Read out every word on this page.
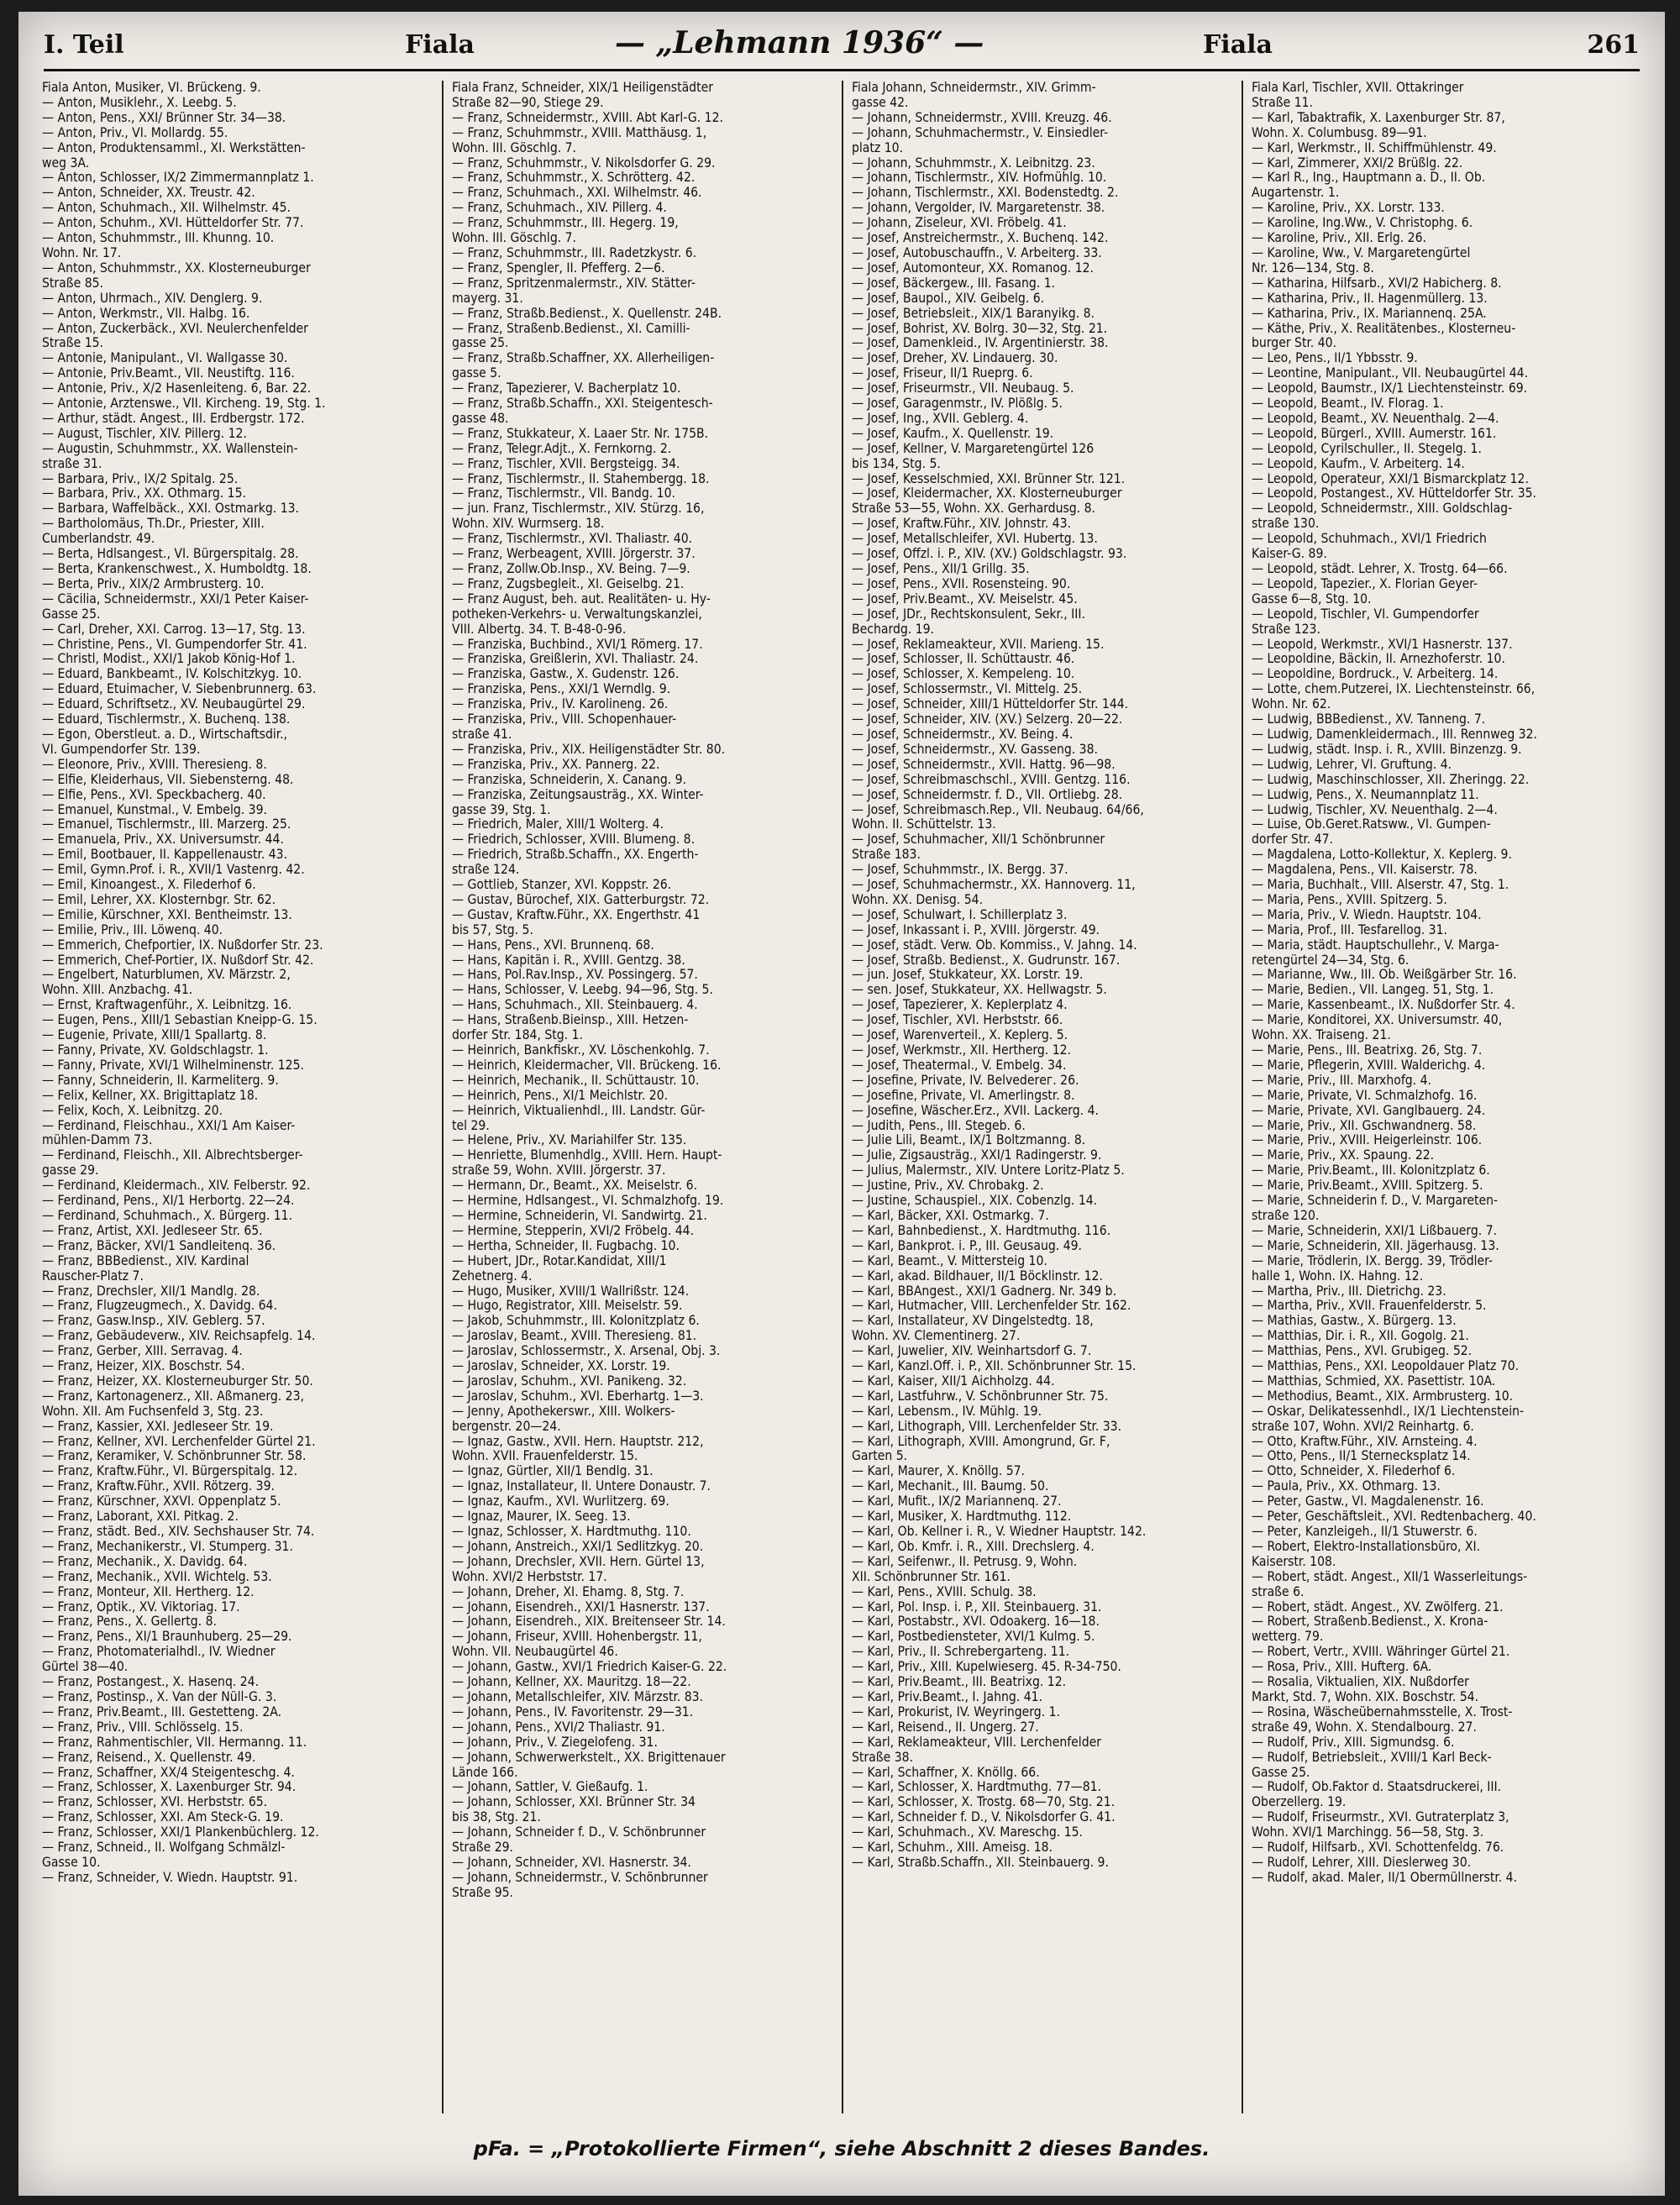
I. Teil	Fiala	— „Lehmann 1936“ —	Fiala	261
Fiala Anton, Musiker, VI. Brückeng. 9.
— Anton, Musiklehr., X. Leebg. 5.
— Anton, Pens., XXI/ Brünner Str. 34—38.
— Anton, Priv., VI. Mollardg. 55.
— Anton, Produktensamml., XI. Werkstätten-
weg 3A.
— Anton, Schlosser, IX/2 Zimmermannplatz 1.
— Anton, Schneider, XX. Treustr. 42.
— Anton, Schuhmach., XII. Wilhelmstr. 45.
— Anton, Schuhm., XVI. Hütteldorfer Str. 77.
— Anton, Schuhmmstr., III. Khunng. 10.
Wohn. Nr. 17.
— Anton, Schuhmmstr., XX. Klosterneuburger
Straße 85.
— Anton, Uhrmach., XIV. Denglerg. 9.
— Anton, Werkmstr., VII. Halbg. 16.
— Anton, Zuckerbäck., XVI. Neulerchenfelder
Straße 15.
— Antonie, Manipulant., VI. Wallgasse 30.
— Antonie, Priv.Beamt., VII. Neustiftg. 116.
— Antonie, Priv., X/2 Hasenleiteng. 6, Bar. 22.
— Antonie, Arztenswe., VII. Kircheng. 19, Stg. 1.
— Arthur, städt. Angest., III. Erdbergstr. 172.
— August, Tischler, XIV. Pillerg. 12.
— Augustin, Schuhmmstr., XX. Wallenstein-
straße 31.
— Barbara, Priv., IX/2 Spitalg. 25.
— Barbara, Priv., XX. Othmarg. 15.
— Barbara, Waffelbäck., XXI. Ostmarkg. 13.
— Bartholomäus, Th.Dr., Priester, XIII.
Cumberlandstr. 49.
— Berta, Hdlsangest., VI. Bürgerspitalg. 28.
— Berta, Krankenschwest., X. Humboldtg. 18.
— Berta, Priv., XIX/2 Armbrusterg. 10.
— Cäcilia, Schneidermstr., XXI/1 Peter Kaiser-
Gasse 25.
— Carl, Dreher, XXI. Carrog. 13—17, Stg. 13.
— Christine, Pens., VI. Gumpendorfer Str. 41.
— Christl, Modist., XXI/1 Jakob König-Hof 1.
— Eduard, Bankbeamt., IV. Kolschitzkyg. 10.
— Eduard, Etuimacher, V. Siebenbrunnerg. 63.
— Eduard, Schriftsetz., XV. Neubaugürtel 29.
— Eduard, Tischlermstr., X. Buchenq. 138.
— Egon, Oberstleut. a. D., Wirtschaftsdir.,
VI. Gumpendorfer Str. 139.
— Eleonore, Priv., XVIII. Theresieng. 8.
— Elfie, Kleiderhaus, VII. Siebensterng. 48.
— Elfie, Pens., XVI. Speckbacherg. 40.
— Emanuel, Kunstmal., V. Embelg. 39.
— Emanuel, Tischlermstr., III. Marzerg. 25.
— Emanuela, Priv., XX. Universumstr. 44.
— Emil, Bootbauer, II. Kappellenaustr. 43.
— Emil, Gymn.Prof. i. R., XVII/1 Vastenrg. 42.
— Emil, Kinoangest., X. Filederhof 6.
— Emil, Lehrer, XX. Klosternbgr. Str. 62.
— Emilie, Kürschner, XXI. Bentheimstr. 13.
— Emilie, Priv., III. Löwenq. 40.
— Emmerich, Chefportier, IX. Nußdorfer Str. 23.
— Emmerich, Chef-Portier, IX. Nußdorf Str. 42.
— Engelbert, Naturblumen, XV. Märzstr. 2,
Wohn. XIII. Anzbachg. 41.
— Ernst, Kraftwagenführ., X. Leibnitzg. 16.
— Eugen, Pens., XIII/1 Sebastian Kneipp-G. 15.
— Eugenie, Private, XIII/1 Spallartg. 8.
— Fanny, Private, XV. Goldschlagstr. 1.
— Fanny, Private, XVI/1 Wilhelminenstr. 125.
— Fanny, Schneiderin, II. Karmeliterg. 9.
— Felix, Kellner, XX. Brigittaplatz 18.
— Felix, Koch, X. Leibnitzg. 20.
— Ferdinand, Fleischhau., XXI/1 Am Kaiser-
mühlen-Damm 73.
— Ferdinand, Fleischh., XII. Albrechtsberger-
gasse 29.
— Ferdinand, Kleidermach., XIV. Felberstr. 92.
— Ferdinand, Pens., XI/1 Herbortg. 22—24.
— Ferdinand, Schuhmach., X. Bürgerg. 11.
— Franz, Artist, XXI. Jedleseer Str. 65.
— Franz, Bäcker, XVI/1 Sandleitenq. 36.
— Franz, BBBedienst., XIV. Kardinal
Rauscher-Platz 7.
— Franz, Drechsler, XII/1 Mandlg. 28.
— Franz, Flugzeugmech., X. Davidg. 64.
— Franz, Gasw.Insp., XIV. Geblerg. 57.
— Franz, Gebäudeverw., XIV. Reichsapfelg. 14.
— Franz, Gerber, XIII. Serravag. 4.
— Franz, Heizer, XIX. Boschstr. 54.
— Franz, Heizer, XX. Klosterneuburger Str. 50.
— Franz, Kartonagenerz., XII. Aßmanerg. 23,
Wohn. XII. Am Fuchsenfeld 3, Stg. 23.
— Franz, Kassier, XXI. Jedleseer Str. 19.
— Franz, Kellner, XVI. Lerchenfelder Gürtel 21.
— Franz, Keramiker, V. Schönbrunner Str. 58.
— Franz, Kraftw.Führ., VI. Bürgerspitalg. 12.
— Franz, Kraftw.Führ., XVII. Rötzerg. 39.
— Franz, Kürschner, XXVI. Oppenplatz 5.
— Franz, Laborant, XXI. Pitkag. 2.
— Franz, städt. Bed., XIV. Sechshauser Str. 74.
— Franz, Mechanikerstr., VI. Stumperg. 31.
— Franz, Mechanik., X. Davidg. 64.
— Franz, Mechanik., XVII. Wichtelg. 53.
— Franz, Monteur, XII. Hertherg. 12.
— Franz, Optik., XV. Viktoriag. 17.
— Franz, Pens., X. Gellertg. 8.
— Franz, Pens., XI/1 Braunhuberg. 25—29.
— Franz, Photomaterialhdl., IV. Wiedner
Gürtel 38—40.
— Franz, Postangest., X. Hasenq. 24.
— Franz, Postinsp., X. Van der Nüll-G. 3.
— Franz, Priv.Beamt., III. Gestetteng. 2A.
— Franz, Priv., VIII. Schlösselg. 15.
— Franz, Rahmentischler, VII. Hermanng. 11.
— Franz, Reisend., X. Quellenstr. 49.
— Franz, Schaffner, XX/4 Steigenteschg. 4.
— Franz, Schlosser, X. Laxenburger Str. 94.
— Franz, Schlosser, XVI. Herbststr. 65.
— Franz, Schlosser, XXI. Am Steck-G. 19.
— Franz, Schlosser, XXI/1 Plankenbüchlerg. 12.
— Franz, Schneid., II. Wolfgang Schmälzl-
Gasse 10.
— Franz, Schneider, V. Wiedn. Hauptstr. 91.
Fiala Franz, Schneider, XIX/1 Heiligenstädter
Straße 82—90, Stiege 29.
— Franz, Schneidermstr., XVIII. Abt Karl-G. 12.
— Franz, Schuhmmstr., XVIII. Matthäusg. 1,
Wohn. III. Göschlg. 7.
— Franz, Schuhmmstr., V. Nikolsdorfer G. 29.
— Franz, Schuhmmstr., X. Schrötterg. 42.
— Franz, Schuhmach., XXI. Wilhelmstr. 46.
— Franz, Schuhmach., XIV. Pillerg. 4.
— Franz, Schuhmmstr., III. Hegerg. 19,
Wohn. III. Göschlg. 7.
— Franz, Schuhmmstr., III. Radetzkystr. 6.
— Franz, Spengler, II. Pfefferg. 2—6.
— Franz, Spritzenmalermstr., XIV. Stätter-
mayerg. 31.
— Franz, Straßb.Bedienst., X. Quellenstr. 24B.
— Franz, Straßenb.Bedienst., XI. Camilli-
gasse 25.
— Franz, Straßb.Schaffner, XX. Allerheiligen-
gasse 5.
— Franz, Tapezierer, V. Bacherplatz 10.
— Franz, Straßb.Schaffn., XXI. Steigentesch-
gasse 48.
— Franz, Stukkateur, X. Laaer Str. Nr. 175B.
— Franz, Telegr.Adjt., X. Fernkorng. 2.
— Franz, Tischler, XVII. Bergsteigg. 34.
— Franz, Tischlermstr., II. Stahembergg. 18.
— Franz, Tischlermstr., VII. Bandg. 10.
— jun. Franz, Tischlermstr., XIV. Stürzg. 16,
Wohn. XIV. Wurmserg. 18.
— Franz, Tischlermstr., XVI. Thaliastr. 40.
— Franz, Werbeagent, XVIII. Jörgerstr. 37.
— Franz, Zollw.Ob.Insp., XV. Being. 7—9.
— Franz, Zugsbegleit., XI. Geiselbg. 21.
— Franz August, beh. aut. Realitäten- u. Hy-
potheken-Verkehrs- u. Verwaltungskanzlei,
VIII. Albertg. 34. T. B-48-0-96.
— Franziska, Buchbind., XVI/1 Römerg. 17.
— Franziska, Greißlerin, XVI. Thaliastr. 24.
— Franziska, Gastw., X. Gudenstr. 126.
— Franziska, Pens., XXI/1 Werndlg. 9.
— Franziska, Priv., IV. Karolineng. 26.
— Franziska, Priv., VIII. Schopenhauer-
straße 41.
— Franziska, Priv., XIX. Heiligenstädter Str. 80.
— Franziska, Priv., XX. Pannerg. 22.
— Franziska, Schneiderin, X. Canang. 9.
— Franziska, Zeitungsausträg., XX. Winter-
gasse 39, Stg. 1.
— Friedrich, Maler, XIII/1 Wolterg. 4.
— Friedrich, Schlosser, XVIII. Blumeng. 8.
— Friedrich, Straßb.Schaffn., XX. Engerth-
straße 124.
— Gottlieb, Stanzer, XVI. Koppstr. 26.
— Gustav, Bürochef, XIX. Gatterburgstr. 72.
— Gustav, Kraftw.Führ., XX. Engerthstr. 41
bis 57, Stg. 5.
— Hans, Pens., XVI. Brunnenq. 68.
— Hans, Kapitän i. R., XVIII. Gentzg. 38.
— Hans, Pol.Rav.Insp., XV. Possingerg. 57.
— Hans, Schlosser, V. Leebg. 94—96, Stg. 5.
— Hans, Schuhmach., XII. Steinbauerg. 4.
— Hans, Straßenb.Bieinsp., XIII. Hetzen-
dorfer Str. 184, Stg. 1.
— Heinrich, Bankfiskr., XV. Löschenkohlg. 7.
— Heinrich, Kleidermacher, VII. Brückeng. 16.
— Heinrich, Mechanik., II. Schüttaustr. 10.
— Heinrich, Pens., XI/1 Meichlstr. 20.
— Heinrich, Viktualienhdl., III. Landstr. Gür-
tel 29.
— Helene, Priv., XV. Mariahilfer Str. 135.
— Henriette, Blumenhdlg., XVIII. Hern. Haupt-
straße 59, Wohn. XVIII. Jörgerstr. 37.
— Hermann, Dr., Beamt., XX. Meiselstr. 6.
— Hermine, Hdlsangest., VI. Schmalzhofg. 19.
— Hermine, Schneiderin, VI. Sandwirtg. 21.
— Hermine, Stepperin, XVI/2 Fröbelg. 44.
— Hertha, Schneider, II. Fugbachg. 10.
— Hubert, JDr., Rotar.Kandidat, XIII/1
Zehetnerg. 4.
— Hugo, Musiker, XVIII/1 Wallrißstr. 124.
— Hugo, Registrator, XIII. Meiselstr. 59.
— Jakob, Schuhmmstr., III. Kolonitzplatz 6.
— Jaroslav, Beamt., XVIII. Theresieng. 81.
— Jaroslav, Schlossermstr., X. Arsenal, Obj. 3.
— Jaroslav, Schneider, XX. Lorstr. 19.
— Jaroslav, Schuhm., XVI. Panikeng. 32.
— Jaroslav, Schuhm., XVI. Eberhartg. 1—3.
— Jenny, Apothekerswr., XIII. Wolkers-
bergenstr. 20—24.
— Ignaz, Gastw., XVII. Hern. Hauptstr. 212,
Wohn. XVII. Frauenfelderstr. 15.
— Ignaz, Gürtler, XII/1 Bendlg. 31.
— Ignaz, Installateur, II. Untere Donaustr. 7.
— Ignaz, Kaufm., XVI. Wurlitzerg. 69.
— Ignaz, Maurer, IX. Seeg. 13.
— Ignaz, Schlosser, X. Hardtmuthg. 110.
— Johann, Anstreich., XXI/1 Sedlitzkyg. 20.
— Johann, Drechsler, XVII. Hern. Gürtel 13,
Wohn. XVI/2 Herbststr. 17.
— Johann, Dreher, XI. Ehamg. 8, Stg. 7.
— Johann, Eisendreh., XXI/1 Hasnerstr. 137.
— Johann, Eisendreh., XIX. Breitenseer Str. 14.
— Johann, Friseur, XVIII. Hohenbergstr. 11,
Wohn. VII. Neubaugürtel 46.
— Johann, Gastw., XVI/1 Friedrich Kaiser-G. 22.
— Johann, Kellner, XX. Mauritzg. 18—22.
— Johann, Metallschleifer, XIV. Märzstr. 83.
— Johann, Pens., IV. Favoritenstr. 29—31.
— Johann, Pens., XVI/2 Thaliastr. 91.
— Johann, Priv., V. Ziegelofeng. 31.
— Johann, Schwerwerkstelt., XX. Brigittenauer
Lände 166.
— Johann, Sattler, V. Gießaufg. 1.
— Johann, Schlosser, XXI. Brünner Str. 34
bis 38, Stg. 21.
— Johann, Schneider f. D., V. Schönbrunner
Straße 29.
— Johann, Schneider, XVI. Hasnerstr. 34.
— Johann, Schneidermstr., V. Schönbrunner
Straße 95.
Fiala Johann, Schneidermstr., XIV. Grimm-
gasse 42.
— Johann, Schneidermstr., XVIII. Kreuzg. 46.
— Johann, Schuhmachermstr., V. Einsiedler-
platz 10.
— Johann, Schuhmmstr., X. Leibnitzg. 23.
— Johann, Tischlermstr., XIV. Hofmühlg. 10.
— Johann, Tischlermstr., XXI. Bodenstedtg. 2.
— Johann, Vergolder, IV. Margaretenstr. 38.
— Johann, Ziseleur, XVI. Fröbelg. 41.
— Josef, Anstreichermstr., X. Buchenq. 142.
— Josef, Autobuschauffn., V. Arbeiterg. 33.
— Josef, Automonteur, XX. Romanog. 12.
— Josef, Bäckergew., III. Fasang. 1.
— Josef, Baupol., XIV. Geibelg. 6.
— Josef, Betriebsleit., XIX/1 Baranyikg. 8.
— Josef, Bohrist, XV. Bolrg. 30—32, Stg. 21.
— Josef, Damenkleid., IV. Argentinierstr. 38.
— Josef, Dreher, XV. Lindauerg. 30.
— Josef, Friseur, II/1 Rueprg. 6.
— Josef, Friseurmstr., VII. Neubaug. 5.
— Josef, Garagenmstr., IV. Plößlg. 5.
— Josef, Ing., XVII. Geblerg. 4.
— Josef, Kaufm., X. Quellenstr. 19.
— Josef, Kellner, V. Margaretengürtel 126
bis 134, Stg. 5.
— Josef, Kesselschmied, XXI. Brünner Str. 121.
— Josef, Kleidermacher, XX. Klosterneuburger
Straße 53—55, Wohn. XX. Gerhardusg. 8.
— Josef, Kraftw.Führ., XIV. Johnstr. 43.
— Josef, Metallschleifer, XVI. Hubertg. 13.
— Josef, Offzl. i. P., XIV. (XV.) Goldschlagstr. 93.
— Josef, Pens., XII/1 Grillg. 35.
— Josef, Pens., XVII. Rosensteing. 90.
— Josef, Priv.Beamt., XV. Meiselstr. 45.
— Josef, JDr., Rechtskonsulent, Sekr., III.
Bechardg. 19.
— Josef, Reklameakteur, XVII. Marieng. 15.
— Josef, Schlosser, II. Schüttaustr. 46.
— Josef, Schlosser, X. Kempeleng. 10.
— Josef, Schlossermstr., VI. Mittelg. 25.
— Josef, Schneider, XIII/1 Hütteldorfer Str. 144.
— Josef, Schneider, XIV. (XV.) Selzerg. 20—22.
— Josef, Schneidermstr., XV. Being. 4.
— Josef, Schneidermstr., XV. Gasseng. 38.
— Josef, Schneidermstr., XVII. Hattg. 96—98.
— Josef, Schreibmaschschl., XVIII. Gentzg. 116.
— Josef, Schneidermstr. f. D., VII. Ortliebg. 28.
— Josef, Schreibmasch.Rep., VII. Neubaug. 64/66,
Wohn. II. Schüttelstr. 13.
— Josef, Schuhmacher, XII/1 Schönbrunner
Straße 183.
— Josef, Schuhmmstr., IX. Bergg. 37.
— Josef, Schuhmachermstr., XX. Hannoverg. 11,
Wohn. XX. Denisg. 54.
— Josef, Schulwart, I. Schillerplatz 3.
— Josef, Inkassant i. P., XVIII. Jörgerstr. 49.
— Josef, städt. Verw. Ob. Kommiss., V. Jahng. 14.
— Josef, Straßb. Bedienst., X. Gudrunstr. 167.
— jun. Josef, Stukkateur, XX. Lorstr. 19.
— sen. Josef, Stukkateur, XX. Hellwagstr. 5.
— Josef, Tapezierer, X. Keplerplatz 4.
— Josef, Tischler, XVI. Herbststr. 66.
— Josef, Warenverteil., X. Keplerg. 5.
— Josef, Werkmstr., XII. Hertherg. 12.
— Josef, Theatermal., V. Embelg. 34.
— Josefine, Private, IV. Belvederег. 26.
— Josefine, Private, VI. Amerlingstr. 8.
— Josefine, Wäscher.Erz., XVII. Lackerg. 4.
— Judith, Pens., III. Stegeb. 6.
— Julie Lili, Beamt., IX/1 Boltzmanng. 8.
— Julie, Zigsausträg., XXI/1 Radingerstr. 9.
— Julius, Malermstr., XIV. Untere Loritz-Platz 5.
— Justine, Priv., XV. Chrobakg. 2.
— Justine, Schauspiel., XIX. Cobenzlg. 14.
— Karl, Bäcker, XXI. Ostmarkg. 7.
— Karl, Bahnbedienst., X. Hardtmuthg. 116.
— Karl, Bankprot. i. P., III. Geusaug. 49.
— Karl, Beamt., V. Mittersteig 10.
— Karl, akad. Bildhauer, II/1 Böcklinstr. 12.
— Karl, BBAngest., XXI/1 Gadnerg. Nr. 349 b.
— Karl, Hutmacher, VIII. Lerchenfelder Str. 162.
— Karl, Installateur, XV Dingelstedtg. 18,
Wohn. XV. Clementinerg. 27.
— Karl, Juwelier, XIV. Weinhartsdorf G. 7.
— Karl, Kanzl.Off. i. P., XII. Schönbrunner Str. 15.
— Karl, Kaiser, XII/1 Aichholzg. 44.
— Karl, Lastfuhrw., V. Schönbrunner Str. 75.
— Karl, Lebensm., IV. Mühlg. 19.
— Karl, Lithograph, VIII. Lerchenfelder Str. 33.
— Karl, Lithograph, XVIII. Amongrund, Gr. F,
Garten 5.
— Karl, Maurer, X. Knöllg. 57.
— Karl, Mechanit., III. Baumg. 50.
— Karl, Mufit., IX/2 Mariannenq. 27.
— Karl, Musiker, X. Hardtmuthg. 112.
— Karl, Ob. Kellner i. R., V. Wiedner Hauptstr. 142.
— Karl, Ob. Kmfr. i. R., XIII. Drechslerg. 4.
— Karl, Seifenwr., II. Petrusg. 9, Wohn.
XII. Schönbrunner Str. 161.
— Karl, Pens., XVIII. Schulg. 38.
— Karl, Pol. Insp. i. P., XII. Steinbauerg. 31.
— Karl, Postabstr., XVI. Odoakerg. 16—18.
— Karl, Postbediensteter, XVI/1 Kulmg. 5.
— Karl, Priv., II. Schrebergarteng. 11.
— Karl, Priv., XIII. Kupelwieserg. 45. R-34-750.
— Karl, Priv.Beamt., III. Beatrixg. 12.
— Karl, Priv.Beamt., I. Jahng. 41.
— Karl, Prokurist, IV. Weyringerg. 1.
— Karl, Reisend., II. Ungerg. 27.
— Karl, Reklameakteur, VIII. Lerchenfelder
Straße 38.
— Karl, Schaffner, X. Knöllg. 66.
— Karl, Schlosser, X. Hardtmuthg. 77—81.
— Karl, Schlosser, X. Trostg. 68—70, Stg. 21.
— Karl, Schneider f. D., V. Nikolsdorfer G. 41.
— Karl, Schuhmach., XV. Mareschg. 15.
— Karl, Schuhm., XIII. Ameisg. 18.
— Karl, Straßb.Schaffn., XII. Steinbauerg. 9.
Fiala Karl, Tischler, XVII. Ottakringer
Straße 11.
— Karl, Tabaktrafik, X. Laxenburger Str. 87,
Wohn. X. Columbusg. 89—91.
— Karl, Werkmstr., II. Schiffmühlenstr. 49.
— Karl, Zimmerer, XXI/2 Brüßlg. 22.
— Karl R., Ing., Hauptmann a. D., II. Ob.
Augartenstr. 1.
— Karoline, Priv., XX. Lorstr. 133.
— Karoline, Ing.Ww., V. Christophg. 6.
— Karoline, Priv., XII. Erlg. 26.
— Karoline, Ww., V. Margaretengürtel
Nr. 126—134, Stg. 8.
— Katharina, Hilfsarb., XVI/2 Habicherg. 8.
— Katharina, Priv., II. Hagenmüllerg. 13.
— Katharina, Priv., IX. Mariannenq. 25A.
— Käthe, Priv., X. Realitätenbes., Klosterneu-
burger Str. 40.
— Leo, Pens., II/1 Ybbsstr. 9.
— Leontine, Manipulant., VII. Neubaugürtel 44.
— Leopold, Baumstr., IX/1 Liechtensteinstr. 69.
— Leopold, Beamt., IV. Florag. 1.
— Leopold, Beamt., XV. Neuenthalg. 2—4.
— Leopold, Bürgerl., XVIII. Aumerstr. 161.
— Leopold, Cyrilschuller., II. Stegelg. 1.
— Leopold, Kaufm., V. Arbeiterg. 14.
— Leopold, Operateur, XXI/1 Bismarckplatz 12.
— Leopold, Postangest., XV. Hütteldorfer Str. 35.
— Leopold, Schneidermstr., XIII. Goldschlag-
straße 130.
— Leopold, Schuhmach., XVI/1 Friedrich
Kaiser-G. 89.
— Leopold, städt. Lehrer, X. Trostg. 64—66.
— Leopold, Tapezier., X. Florian Geyer-
Gasse 6—8, Stg. 10.
— Leopold, Tischler, VI. Gumpendorfer
Straße 123.
— Leopold, Werkmstr., XVI/1 Hasnerstr. 137.
— Leopoldine, Bäckin, II. Arnezhoferstr. 10.
— Leopoldine, Bordruck., V. Arbeiterg. 14.
— Lotte, chem.Putzerei, IX. Liechtensteinstr. 66,
Wohn. Nr. 62.
— Ludwig, BBBedienst., XV. Tanneng. 7.
— Ludwig, Damenkleidermach., III. Rennweg 32.
— Ludwig, städt. Insp. i. R., XVIII. Binzenzg. 9.
— Ludwig, Lehrer, VI. Gruftung. 4.
— Ludwig, Maschinschlosser, XII. Zheringg. 22.
— Ludwig, Pens., X. Neumannplatz 11.
— Ludwig, Tischler, XV. Neuenthalg. 2—4.
— Luise, Ob.Geret.Ratsww., VI. Gumpen-
dorfer Str. 47.
— Magdalena, Lotto-Kollektur, X. Keplerg. 9.
— Magdalena, Pens., VII. Kaiserstr. 78.
— Maria, Buchhalt., VIII. Alserstr. 47, Stg. 1.
— Maria, Pens., XVIII. Spitzerg. 5.
— Maria, Priv., V. Wiedn. Hauptstr. 104.
— Maria, Prof., III. Tesfarellog. 31.
— Maria, städt. Hauptschullehr., V. Marga-
retengürtel 24—34, Stg. 6.
— Marianne, Ww., III. Ob. Weißgärber Str. 16.
— Marie, Bedien., VII. Langeg. 51, Stg. 1.
— Marie, Kassenbeamt., IX. Nußdorfer Str. 4.
— Marie, Konditorei, XX. Universumstr. 40,
Wohn. XX. Traiseng. 21.
— Marie, Pens., III. Beatrixg. 26, Stg. 7.
— Marie, Pflegerin, XVIII. Walderichg. 4.
— Marie, Priv., III. Marxhofg. 4.
— Marie, Private, VI. Schmalzhofg. 16.
— Marie, Private, XVI. Ganglbauerg. 24.
— Marie, Priv., XII. Gschwandnerg. 58.
— Marie, Priv., XVIII. Heigerleinstr. 106.
— Marie, Priv., XX. Spaung. 22.
— Marie, Priv.Beamt., III. Kolonitzplatz 6.
— Marie, Priv.Beamt., XVIII. Spitzerg. 5.
— Marie, Schneiderin f. D., V. Margareten-
straße 120.
— Marie, Schneiderin, XXI/1 Lißbauerg. 7.
— Marie, Schneiderin, XII. Jägerhausg. 13.
— Marie, Trödlerin, IX. Bergg. 39, Trödler-
halle 1, Wohn. IX. Hahng. 12.
— Martha, Priv., III. Dietrichg. 23.
— Martha, Priv., XVII. Frauenfelderstr. 5.
— Mathias, Gastw., X. Bürgerg. 13.
— Matthias, Dir. i. R., XII. Gogolg. 21.
— Matthias, Pens., XVI. Grubigeg. 52.
— Matthias, Pens., XXI. Leopoldauer Platz 70.
— Matthias, Schmied, XX. Pasettistr. 10A.
— Methodius, Beamt., XIX. Armbrusterg. 10.
— Oskar, Delikatessenhdl., IX/1 Liechtenstein-
straße 107, Wohn. XVI/2 Reinhartg. 6.
— Otto, Kraftw.Führ., XIV. Arnsteing. 4.
— Otto, Pens., II/1 Sternecksplatz 14.
— Otto, Schneider, X. Filederhof 6.
— Paula, Priv., XX. Othmarg. 13.
— Peter, Gastw., VI. Magdalenenstr. 16.
— Peter, Geschäftsleit., XVI. Redtenbacherg. 40.
— Peter, Kanzleigeh., II/1 Stuwerstr. 6.
— Robert, Elektro-Installationsbüro, XI.
Kaiserstr. 108.
— Robert, städt. Angest., XII/1 Wasserleitungs-
straße 6.
— Robert, städt. Angest., XV. Zwölferg. 21.
— Robert, Straßenb.Bedienst., X. Krona-
wetterg. 79.
— Robert, Vertr., XVIII. Währinger Gürtel 21.
— Rosa, Priv., XIII. Hufterg. 6A.
— Rosalia, Viktualien, XIX. Nußdorfer
Markt, Std. 7, Wohn. XIX. Boschstr. 54.
— Rosina, Wäscheübernahmsstelle, X. Trost-
straße 49, Wohn. X. Stendalbourg. 27.
— Rudolf, Priv., XIII. Sigmundsg. 6.
— Rudolf, Betriebsleit., XVIII/1 Karl Beck-
Gasse 25.
— Rudolf, Ob.Faktor d. Staatsdruckerei, III.
Oberzellerg. 19.
— Rudolf, Friseurmstr., XVI. Gutraterplatz 3,
Wohn. XVI/1 Marchingg. 56—58, Stg. 3.
— Rudolf, Hilfsarb., XVI. Schottenfeldg. 76.
— Rudolf, Lehrer, XIII. Dieslerweg 30.
— Rudolf, akad. Maler, II/1 Obermüllnerstr. 4.
pFa. = „Protokollierte Firmen“, siehe Abschnitt 2 dieses Bandes.
